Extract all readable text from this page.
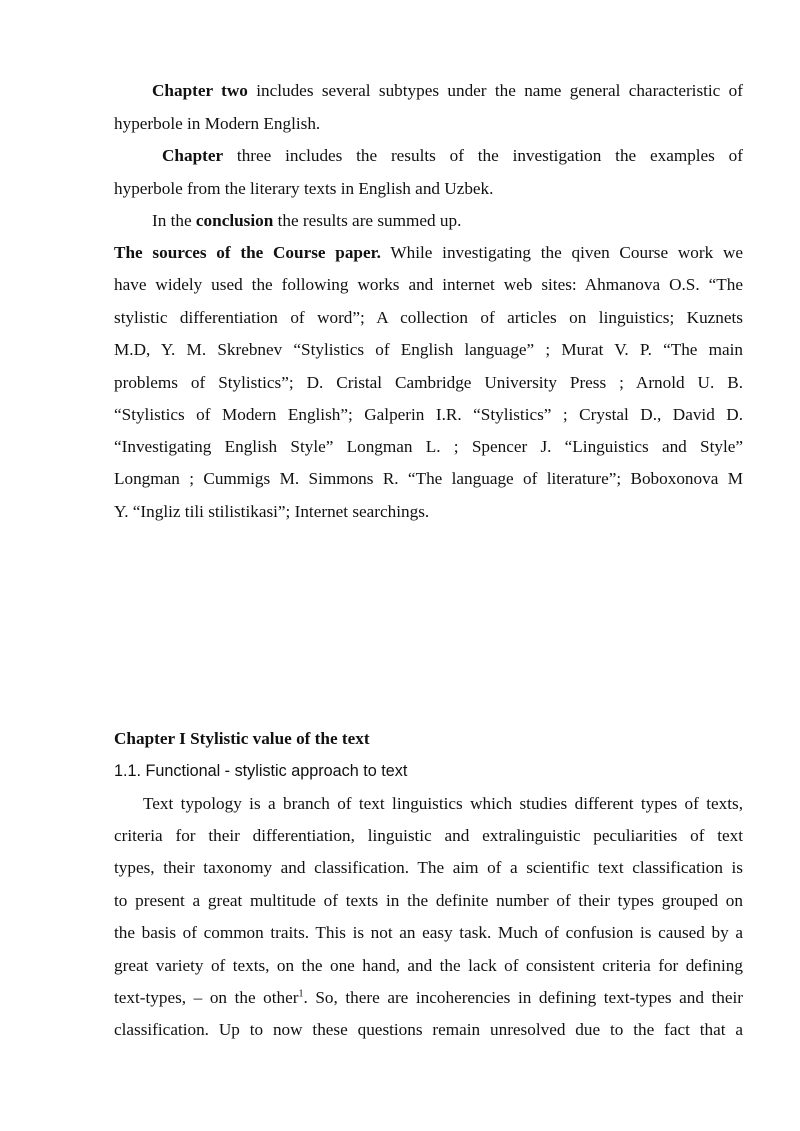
Chapter two includes several subtypes under the name general characteristic of
hyperbole in Modern English.
Chapter three includes the results of the investigation the examples of
hyperbole from the literary texts in English and Uzbek.
In the conclusion the results are summed up.
The sources of the Course paper. While investigating the qiven Course work we
have widely used the following works and internet web sites: Ahmanova O.S. “The
stylistic differentiation of word”; A collection of articles on linguistics; Kuznets
M.D, Y. M. Skrebnev “Stylistics of English language” ; Murat V. P. “The main
problems of Stylistics”; D. Cristal Cambridge University Press ; Arnold U. B.
“Stylistics of Modern English”; Galperin I.R. “Stylistics” ; Crystal D., David D.
“Investigating English Style” Longman L. ; Spencer J. “Linguistics and Style”
Longman ; Cummigs M. Simmons R. “The language of literature”; Boboxonova M
Y. “Ingliz tili stilistikasi”; Internet searchings.
Chapter I Stylistic value of the text
1.1. Functional - stylistic approach to text
Text typology is a branch of text linguistics which studies different types of texts,
criteria for their differentiation, linguistic and extralinguistic peculiarities of text
types, their taxonomy and classification. The aim of a scientific text classification is
to present a great multitude of texts in the definite number of their types grouped on
the basis of common traits. This is not an easy task. Much of confusion is caused by a
great variety of texts, on the one hand, and the lack of consistent criteria for defining
text-types, – on the other$^1$. So, there are incoherencies in defining text-types and their
classification. Up to now these questions remain unresolved due to the fact that a
